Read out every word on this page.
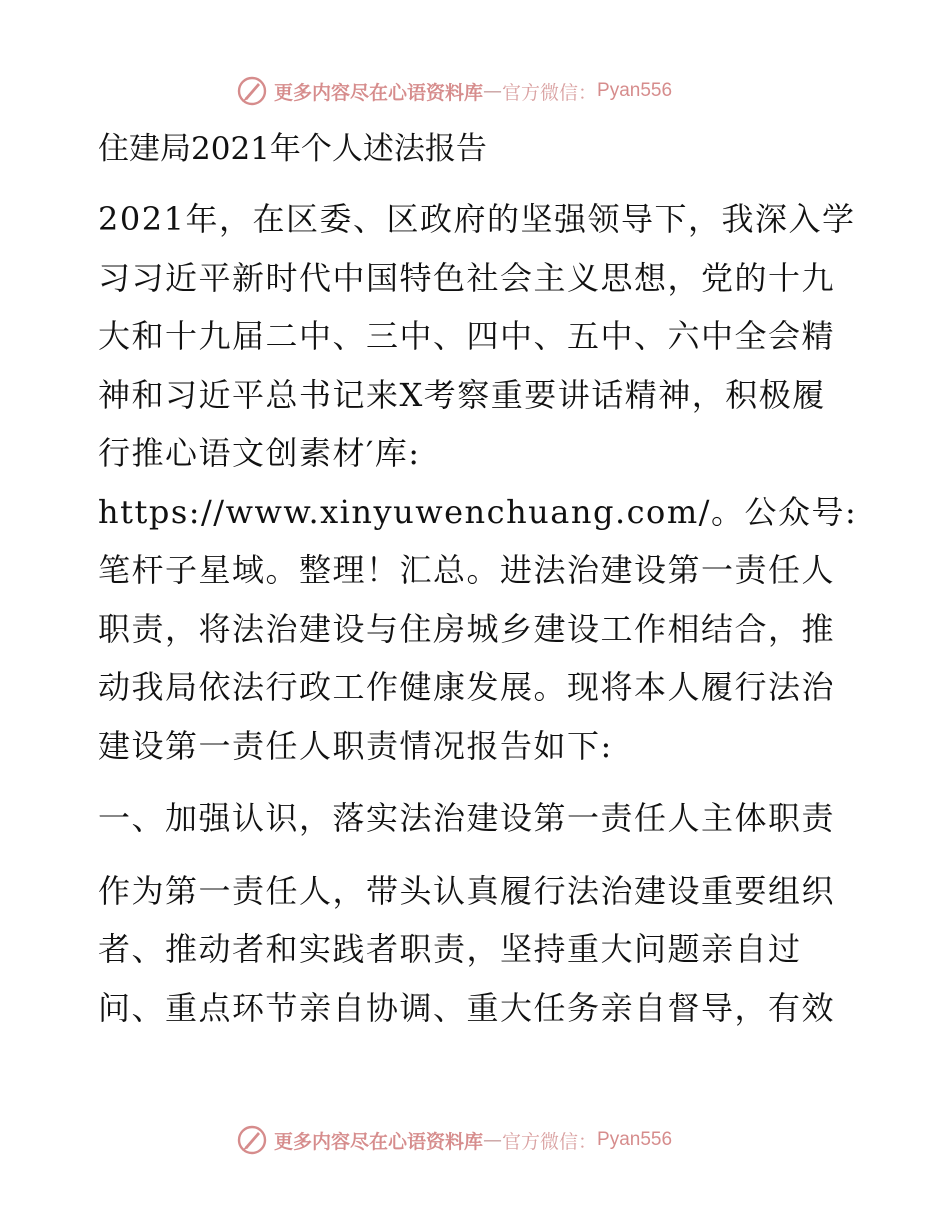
更多内容尽在心语资料库 — 官方微信： Pyan556
住建局2021年个人述法报告

2021年，在区委、区政府的坚强领导下，我深入学习习近平新时代中国特色社会主义思想，党的十九大和十九届二中、三中、四中、五中、六中全会精神和习近平总书记来X考察重要讲话精神，积极履行推心语文创素材′库: https://www.xinyuwenchuang.com/。公众号: 笔杆子星域。整理！汇总。进法治建设第一责任人职责，将法治建设与住房城乡建设工作相结合，推动我局依法行政工作健康发展。现将本人履行法治建设第一责任人职责情况报告如下:

一、加强认识，落实法治建设第一责任人主体职责

作为第一责任人，带头认真履行法治建设重要组织者、推动者和实践者职责，坚持重大问题亲自过问、重点环节亲自协调、重大任务亲自督导，有效

更多内容尽在心语资料库 — 官方微信： Pyan556
